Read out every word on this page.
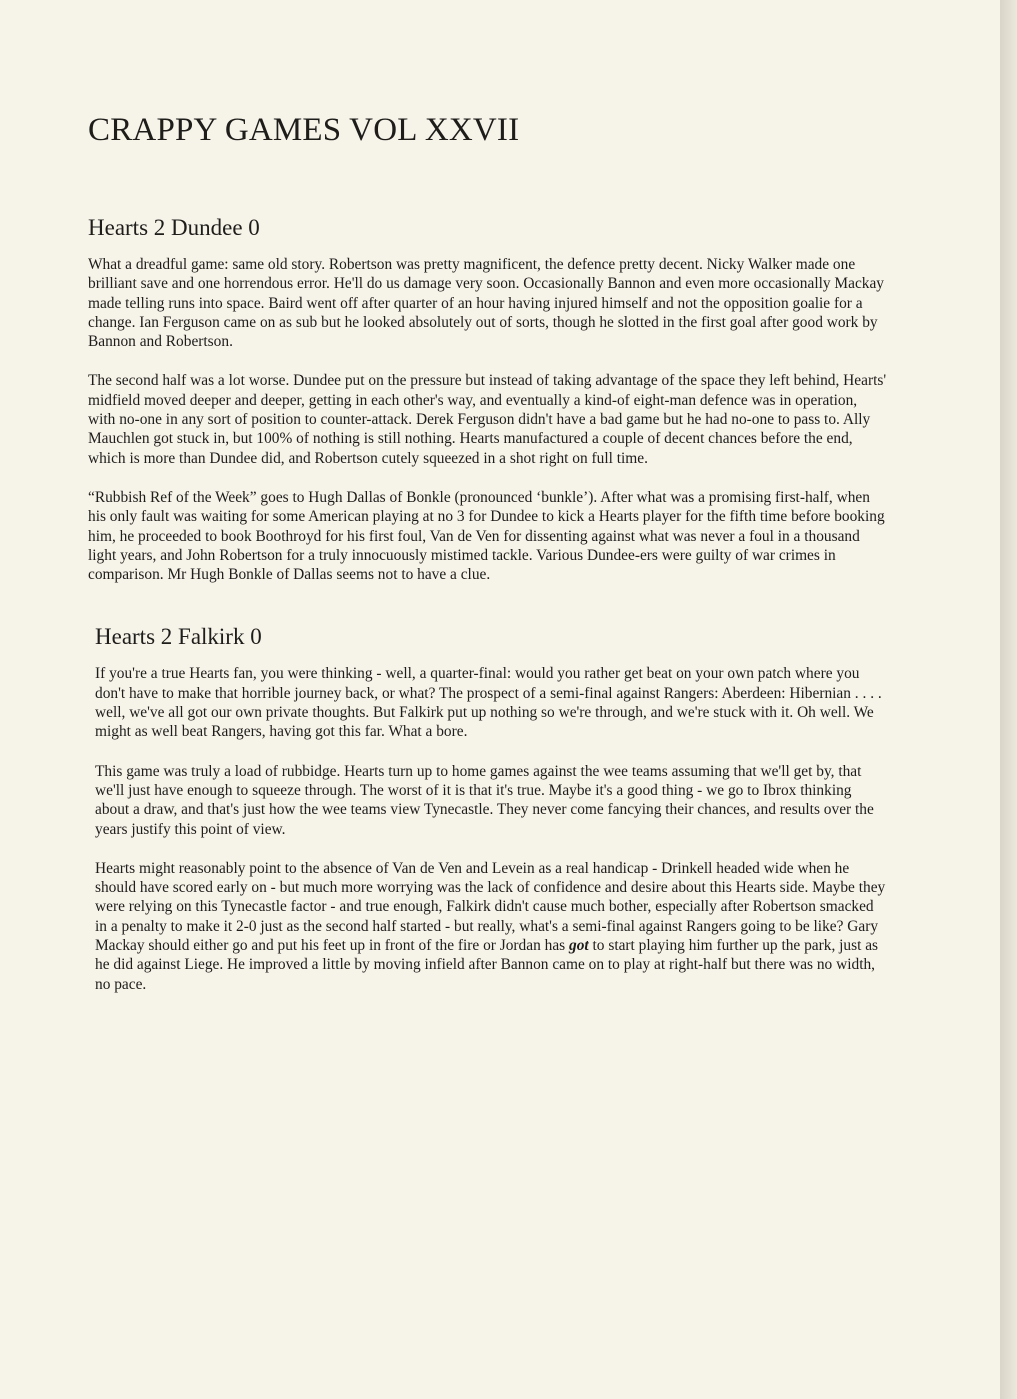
CRAPPY GAMES VOL XXVII
Hearts 2 Dundee 0

What a dreadful game: same old story. Robertson was pretty magnificent, the defence pretty decent. Nicky Walker made one brilliant save and one horrendous error. He'll do us damage very soon. Occasionally Bannon and even more occasionally Mackay made telling runs into space. Baird went off after quarter of an hour having injured himself and not the opposition goalie for a change. Ian Ferguson came on as sub but he looked absolutely out of sorts, though he slotted in the first goal after good work by Bannon and Robertson.

The second half was a lot worse. Dundee put on the pressure but instead of taking advantage of the space they left behind, Hearts' midfield moved deeper and deeper, getting in each other's way, and eventually a kind-of eight-man defence was in operation, with no-one in any sort of position to counter-attack. Derek Ferguson didn't have a bad game but he had no-one to pass to. Ally Mauchlen got stuck in, but 100% of nothing is still nothing. Hearts manufactured a couple of decent chances before the end, which is more than Dundee did, and Robertson cutely squeezed in a shot right on full time.

“Rubbish Ref of the Week” goes to Hugh Dallas of Bonkle (pronounced ‘bunkle’). After what was a promising first-half, when his only fault was waiting for some American playing at no 3 for Dundee to kick a Hearts player for the fifth time before booking him, he proceeded to book Boothroyd for his first foul, Van de Ven for dissenting against what was never a foul in a thousand light years, and John Robertson for a truly innocuously mistimed tackle. Various Dundee-ers were guilty of war crimes in comparison. Mr Hugh Bonkle of Dallas seems not to have a clue.

Hearts 2 Falkirk 0

If you're a true Hearts fan, you were thinking - well, a quarter-final: would you rather get beat on your own patch where you don't have to make that horrible journey back, or what? The prospect of a semi-final against Rangers: Aberdeen: Hibernian . . . . well, we've all got our own private thoughts. But Falkirk put up nothing so we're through, and we're stuck with it. Oh well. We might as well beat Rangers, having got this far. What a bore.

This game was truly a load of rubbidge. Hearts turn up to home games against the wee teams assuming that we'll get by, that we'll just have enough to squeeze through. The worst of it is that it's true. Maybe it's a good thing - we go to Ibrox thinking about a draw, and that's just how the wee teams view Tynecastle. They never come fancying their chances, and results over the years justify this point of view.

Hearts might reasonably point to the absence of Van de Ven and Levein as a real handicap - Drinkell headed wide when he should have scored early on - but much more worrying was the lack of confidence and desire about this Hearts side. Maybe they were relying on this Tynecastle factor - and true enough, Falkirk didn't cause much bother, especially after Robertson smacked in a penalty to make it 2-0 just as the second half started - but really, what's a semi-final against Rangers going to be like? Gary Mackay should either go and put his feet up in front of the fire or Jordan has got to start playing him further up the park, just as he did against Liege. He improved a little by moving infield after Bannon came on to play at right-half but there was no width, no pace.
